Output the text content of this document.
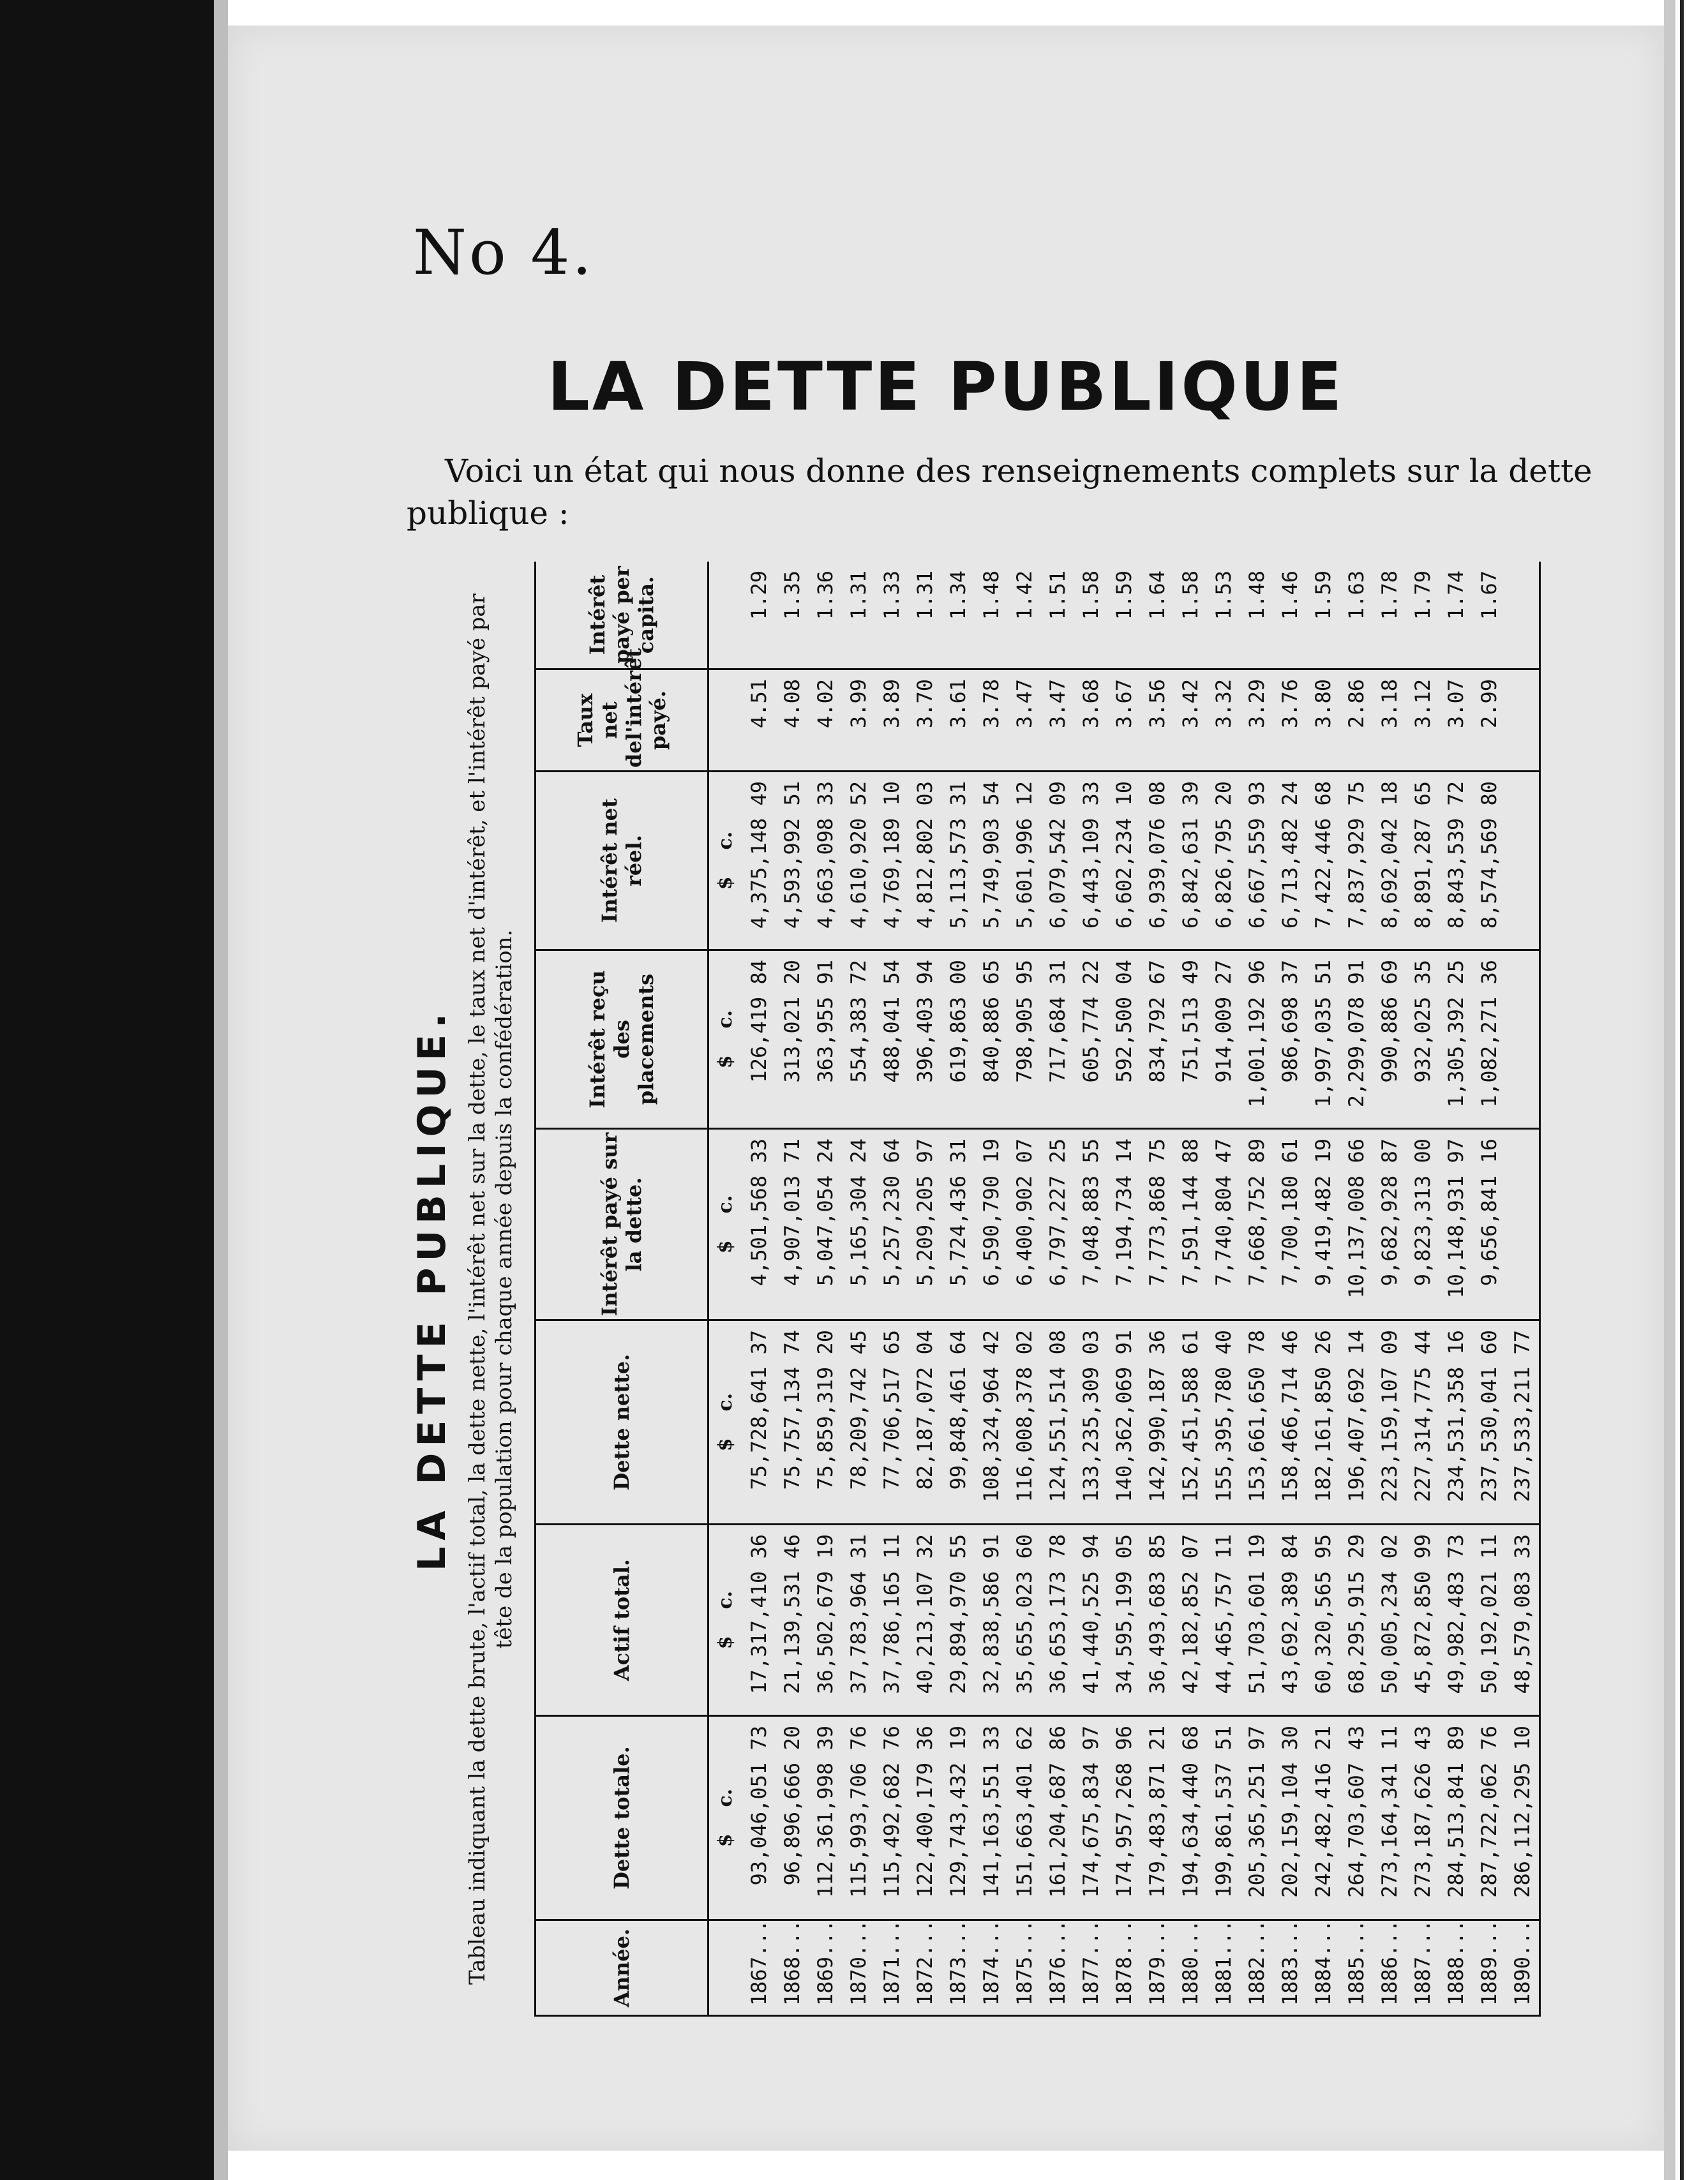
No 4.
LA DETTE PUBLIQUE
Voici un état qui nous donne des renseignements complets sur la dette publique :
LA DETTE PUBLIQUE. Tableau indiquant la dette brute, l'actif total, la dette nette, l'intérêt net sur la dette, le taux net d'intérêt, et l'intérêt payé par tête de la population pour chaque année depuis la confédération.
Année.	Dette totale.	Actif total.	Dette nette.	Intérêt payé sur la dette.	Intérêt reçu des placements	Intérêt net réel.	Taux net del'intérêt payé.	Intérêt payé per capita.
	$    c.	$    c.	$    c.	$    c.	$    c.	$    c.		
1867...	93,046,051 73	17,317,410 36	75,728,641 37	4,501,568 33	126,419 84	4,375,148 49	4.51	1.29
1868...	96,896,666 20	21,139,531 46	75,757,134 74	4,907,013 71	313,021 20	4,593,992 51	4.08	1.35
1869...	112,361,998 39	36,502,679 19	75,859,319 20	5,047,054 24	363,955 91	4,663,098 33	4.02	1.36
1870...	115,993,706 76	37,783,964 31	78,209,742 45	5,165,304 24	554,383 72	4,610,920 52	3.99	1.31
1871...	115,492,682 76	37,786,165 11	77,706,517 65	5,257,230 64	488,041 54	4,769,189 10	3.89	1.33
1872...	122,400,179 36	40,213,107 32	82,187,072 04	5,209,205 97	396,403 94	4,812,802 03	3.70	1.31
1873...	129,743,432 19	29,894,970 55	99,848,461 64	5,724,436 31	619,863 00	5,113,573 31	3.61	1.34
1874...	141,163,551 33	32,838,586 91	108,324,964 42	6,590,790 19	840,886 65	5,749,903 54	3.78	1.48
1875...	151,663,401 62	35,655,023 60	116,008,378 02	6,400,902 07	798,905 95	5,601,996 12	3.47	1.42
1876...	161,204,687 86	36,653,173 78	124,551,514 08	6,797,227 25	717,684 31	6,079,542 09	3.47	1.51
1877...	174,675,834 97	41,440,525 94	133,235,309 03	7,048,883 55	605,774 22	6,443,109 33	3.68	1.58
1878...	174,957,268 96	34,595,199 05	140,362,069 91	7,194,734 14	592,500 04	6,602,234 10	3.67	1.59
1879...	179,483,871 21	36,493,683 85	142,990,187 36	7,773,868 75	834,792 67	6,939,076 08	3.56	1.64
1880...	194,634,440 68	42,182,852 07	152,451,588 61	7,591,144 88	751,513 49	6,842,631 39	3.42	1.58
1881...	199,861,537 51	44,465,757 11	155,395,780 40	7,740,804 47	914,009 27	6,826,795 20	3.32	1.53
1882...	205,365,251 97	51,703,601 19	153,661,650 78	7,668,752 89	1,001,192 96	6,667,559 93	3.29	1.48
1883...	202,159,104 30	43,692,389 84	158,466,714 46	7,700,180 61	986,698 37	6,713,482 24	3.76	1.46
1884...	242,482,416 21	60,320,565 95	182,161,850 26	9,419,482 19	1,997,035 51	7,422,446 68	3.80	1.59
1885...	264,703,607 43	68,295,915 29	196,407,692 14	10,137,008 66	2,299,078 91	7,837,929 75	2.86	1.63
1886...	273,164,341 11	50,005,234 02	223,159,107 09	9,682,928 87	990,886 69	8,692,042 18	3.18	1.78
1887...	273,187,626 43	45,872,850 99	227,314,775 44	9,823,313 00	932,025 35	8,891,287 65	3.12	1.79
1888...	284,513,841 89	49,982,483 73	234,531,358 16	10,148,931 97	1,305,392 25	8,843,539 72	3.07	1.74
1889...	287,722,062 76	50,192,021 11	237,530,041 60	9,656,841 16	1,082,271 36	8,574,569 80	2.99	1.67
1890...	286,112,295 10	48,579,083 33	237,533,211 77					
